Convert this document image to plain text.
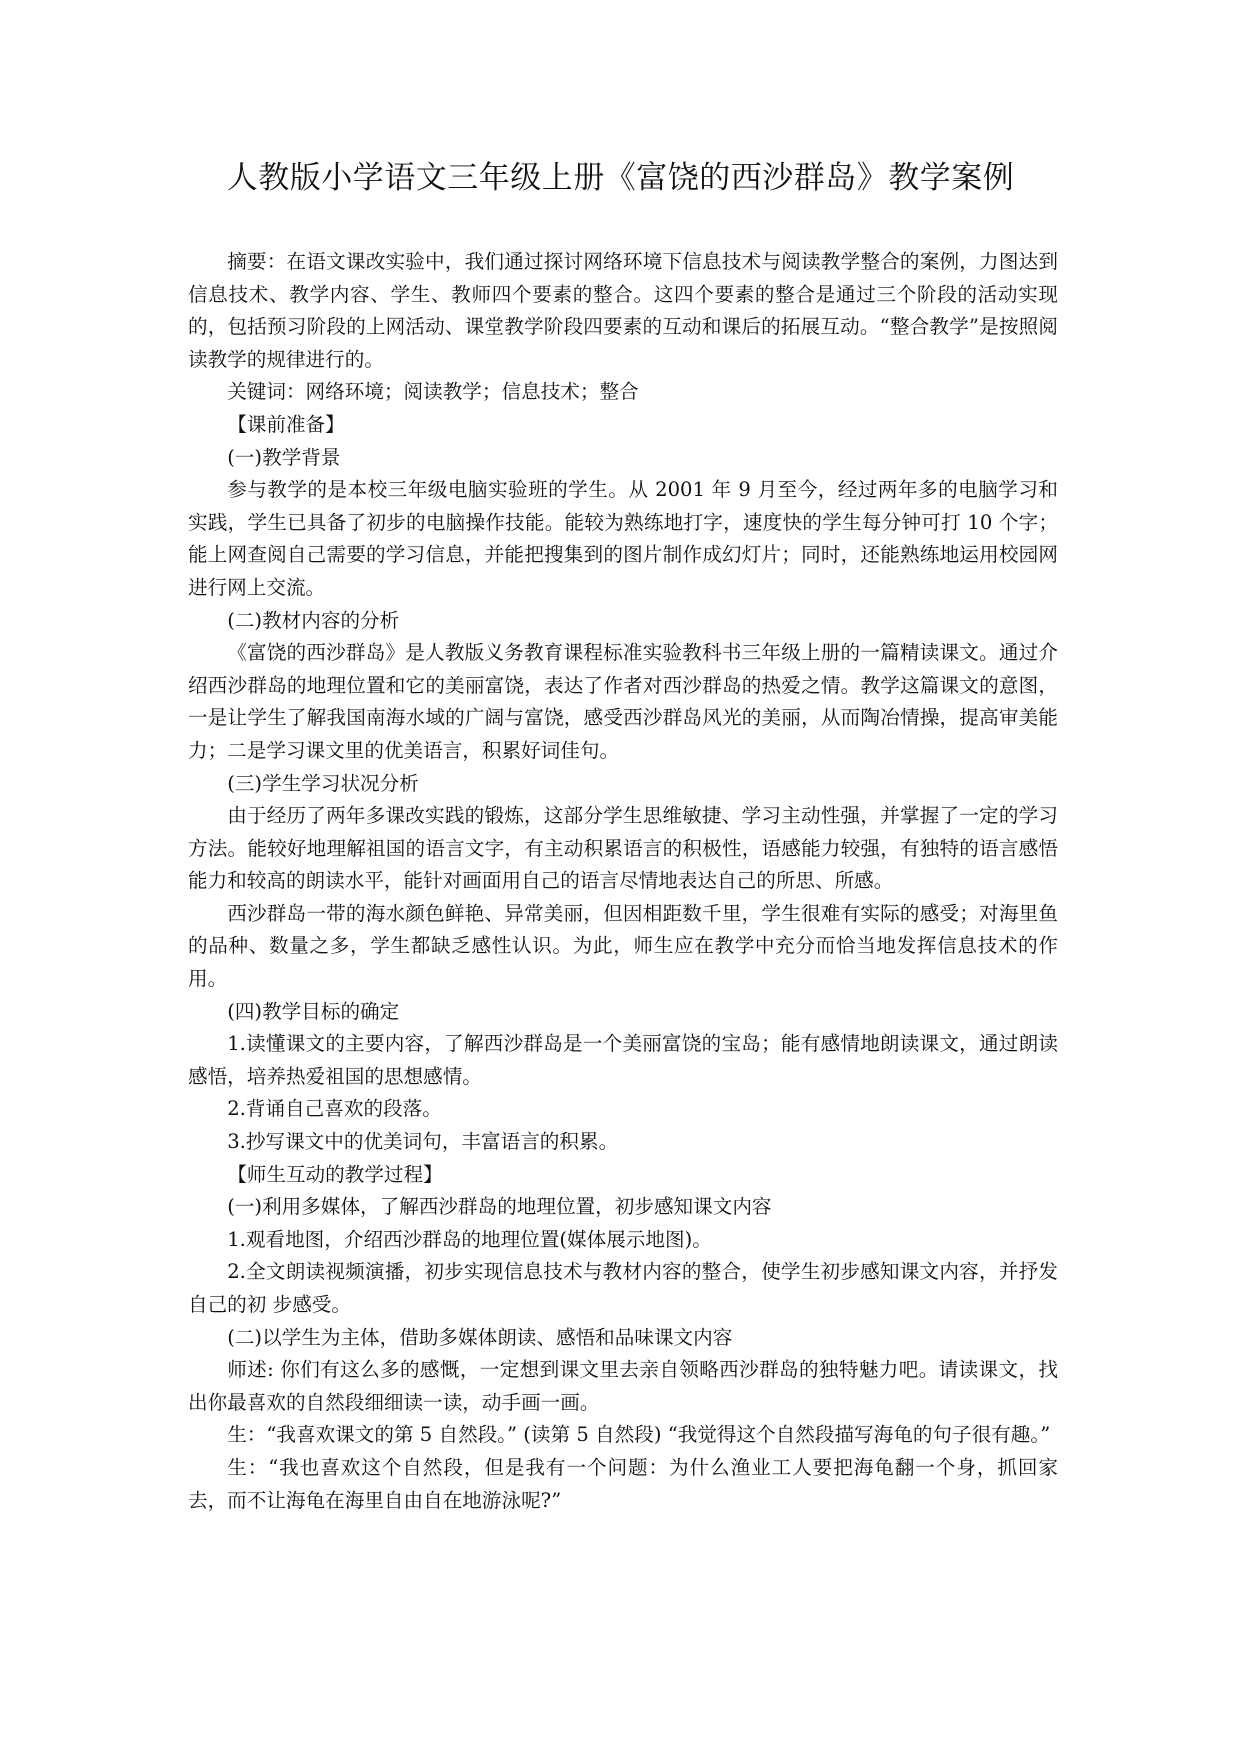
人教版小学语文三年级上册《富饶的西沙群岛》教学案例

摘要：在语文课改实验中，我们通过探讨网络环境下信息技术与阅读教学整合的案例，力图达到信息技术、教学内容、学生、教师四个要素的整合。这四个要素的整合是通过三个阶段的活动实现的，包括预习阶段的上网活动、课堂教学阶段四要素的互动和课后的拓展互动。“整合教学”是按照阅读教学的规律进行的。

关键词：网络环境；阅读教学；信息技术；整合

【课前准备】

(一)教学背景

参与教学的是本校三年级电脑实验班的学生。从 2001 年 9 月至今，经过两年多的电脑学习和实践，学生已具备了初步的电脑操作技能。能较为熟练地打字，速度快的学生每分钟可打 10 个字；能上网查阅自己需要的学习信息，并能把搜集到的图片制作成幻灯片；同时，还能熟练地运用校园网进行网上交流。

(二)教材内容的分析

《富饶的西沙群岛》是人教版义务教育课程标准实验教科书三年级上册的一篇精读课文。通过介绍西沙群岛的地理位置和它的美丽富饶，表达了作者对西沙群岛的热爱之情。教学这篇课文的意图，一是让学生了解我国南海水域的广阔与富饶，感受西沙群岛风光的美丽，从而陶冶情操，提高审美能力；二是学习课文里的优美语言，积累好词佳句。

(三)学生学习状况分析

由于经历了两年多课改实践的锻炼，这部分学生思维敏捷、学习主动性强，并掌握了一定的学习方法。能较好地理解祖国的语言文字，有主动积累语言的积极性，语感能力较强，有独特的语言感悟能力和较高的朗读水平，能针对画面用自己的语言尽情地表达自己的所思、所感。

西沙群岛一带的海水颜色鲜艳、异常美丽，但因相距数千里，学生很难有实际的感受；对海里鱼的品种、数量之多，学生都缺乏感性认识。为此，师生应在教学中充分而恰当地发挥信息技术的作用。

(四)教学目标的确定

1.读懂课文的主要内容，了解西沙群岛是一个美丽富饶的宝岛；能有感情地朗读课文，通过朗读感悟，培养热爱祖国的思想感情。

2.背诵自己喜欢的段落。

3.抄写课文中的优美词句，丰富语言的积累。

【师生互动的教学过程】

(一)利用多媒体，了解西沙群岛的地理位置，初步感知课文内容

1.观看地图，介绍西沙群岛的地理位置(媒体展示地图)。

2.全文朗读视频演播，初步实现信息技术与教材内容的整合，使学生初步感知课文内容，并抒发自己的初 步感受。

(二)以学生为主体，借助多媒体朗读、感悟和品味课文内容

师述: 你们有这么多的感慨，一定想到课文里去亲自领略西沙群岛的独特魅力吧。请读课文，找出你最喜欢的自然段细细读一读，动手画一画。

生：“我喜欢课文的第 5 自然段。” (读第 5 自然段) “我觉得这个自然段描写海龟的句子很有趣。”

生：“我也喜欢这个自然段，但是我有一个问题：为什么渔业工人要把海龟翻一个身，抓回家去，而不让海龟在海里自由自在地游泳呢?”
